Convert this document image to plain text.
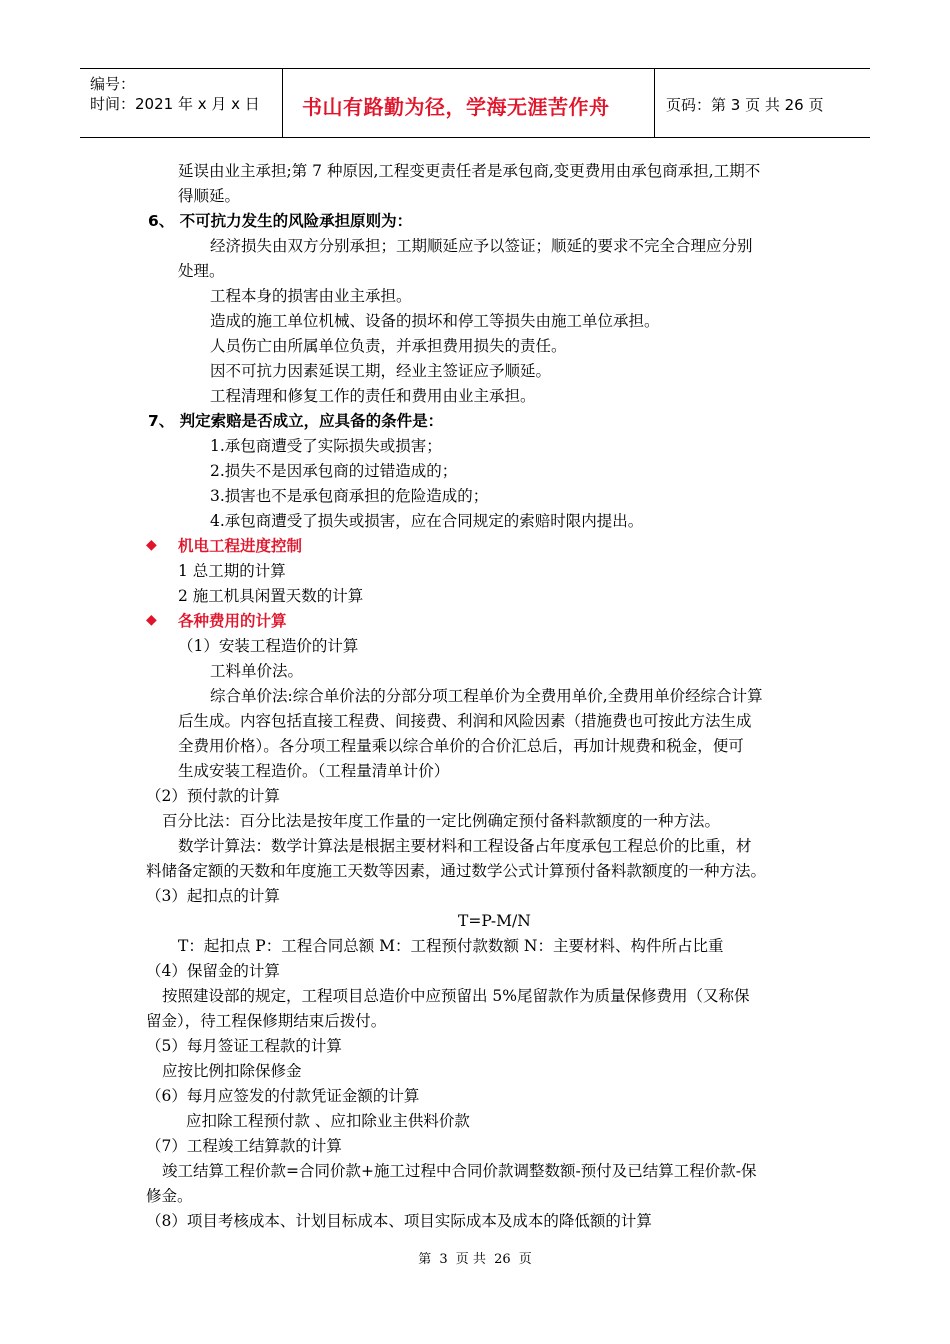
编号：
时间：2021 年 x 月 x 日 书山有路勤为径，学海无涯苦作舟	页码：第 3 页 共 26 页
延误由业主承担;第 7 种原因,工程变更责任者是承包商,变更费用由承包商承担,工期不
得顺延。
6、 不可抗力发生的风险承担原则为：
经济损失由双方分别承担；工期顺延应予以签证；顺延的要求不完全合理应分别
处理。
工程本身的损害由业主承担。
造成的施工单位机械、设备的损坏和停工等损失由施工单位承担。
人员伤亡由所属单位负责，并承担费用损失的责任。
因不可抗力因素延误工期，经业主签证应予顺延。
工程清理和修复工作的责任和费用由业主承担。
7、 判定索赔是否成立，应具备的条件是：
1.承包商遭受了实际损失或损害；
2.损失不是因承包商的过错造成的；
3.损害也不是承包商承担的危险造成的；
4.承包商遭受了损失或损害，应在合同规定的索赔时限内提出。
◆ 机电工程进度控制
1 总工期的计算
2 施工机具闲置天数的计算
◆ 各种费用的计算
（1）安装工程造价的计算
工料单价法。
综合单价法:综合单价法的分部分项工程单价为全费用单价,全费用单价经综合计算
后生成。内容包括直接工程费、间接费、利润和风险因素（措施费也可按此方法生成
全费用价格）。各分项工程量乘以综合单价的合价汇总后，再加计规费和税金，便可
生成安装工程造价。（工程量清单计价）
（2）预付款的计算
百分比法：百分比法是按年度工作量的一定比例确定预付备料款额度的一种方法。
数学计算法：数学计算法是根据主要材料和工程设备占年度承包工程总价的比重，材
料储备定额的天数和年度施工天数等因素，通过数学公式计算预付备料款额度的一种方法。
（3）起扣点的计算
T=P-M/N
T：起扣点 P：工程合同总额 M：工程预付款数额 N：主要材料、构件所占比重
（4）保留金的计算
按照建设部的规定，工程项目总造价中应预留出 5%尾留款作为质量保修费用（又称保
留金），待工程保修期结束后拨付。
（5）每月签证工程款的计算
应按比例扣除保修金
（6）每月应签发的付款凭证金额的计算
应扣除工程预付款 、应扣除业主供料价款
（7）工程竣工结算款的计算
竣工结算工程价款=合同价款+施工过程中合同价款调整数额-预付及已结算工程价款-保
修金。
（8）项目考核成本、计划目标成本、项目实际成本及成本的降低额的计算
第 3 页 共 26 页
